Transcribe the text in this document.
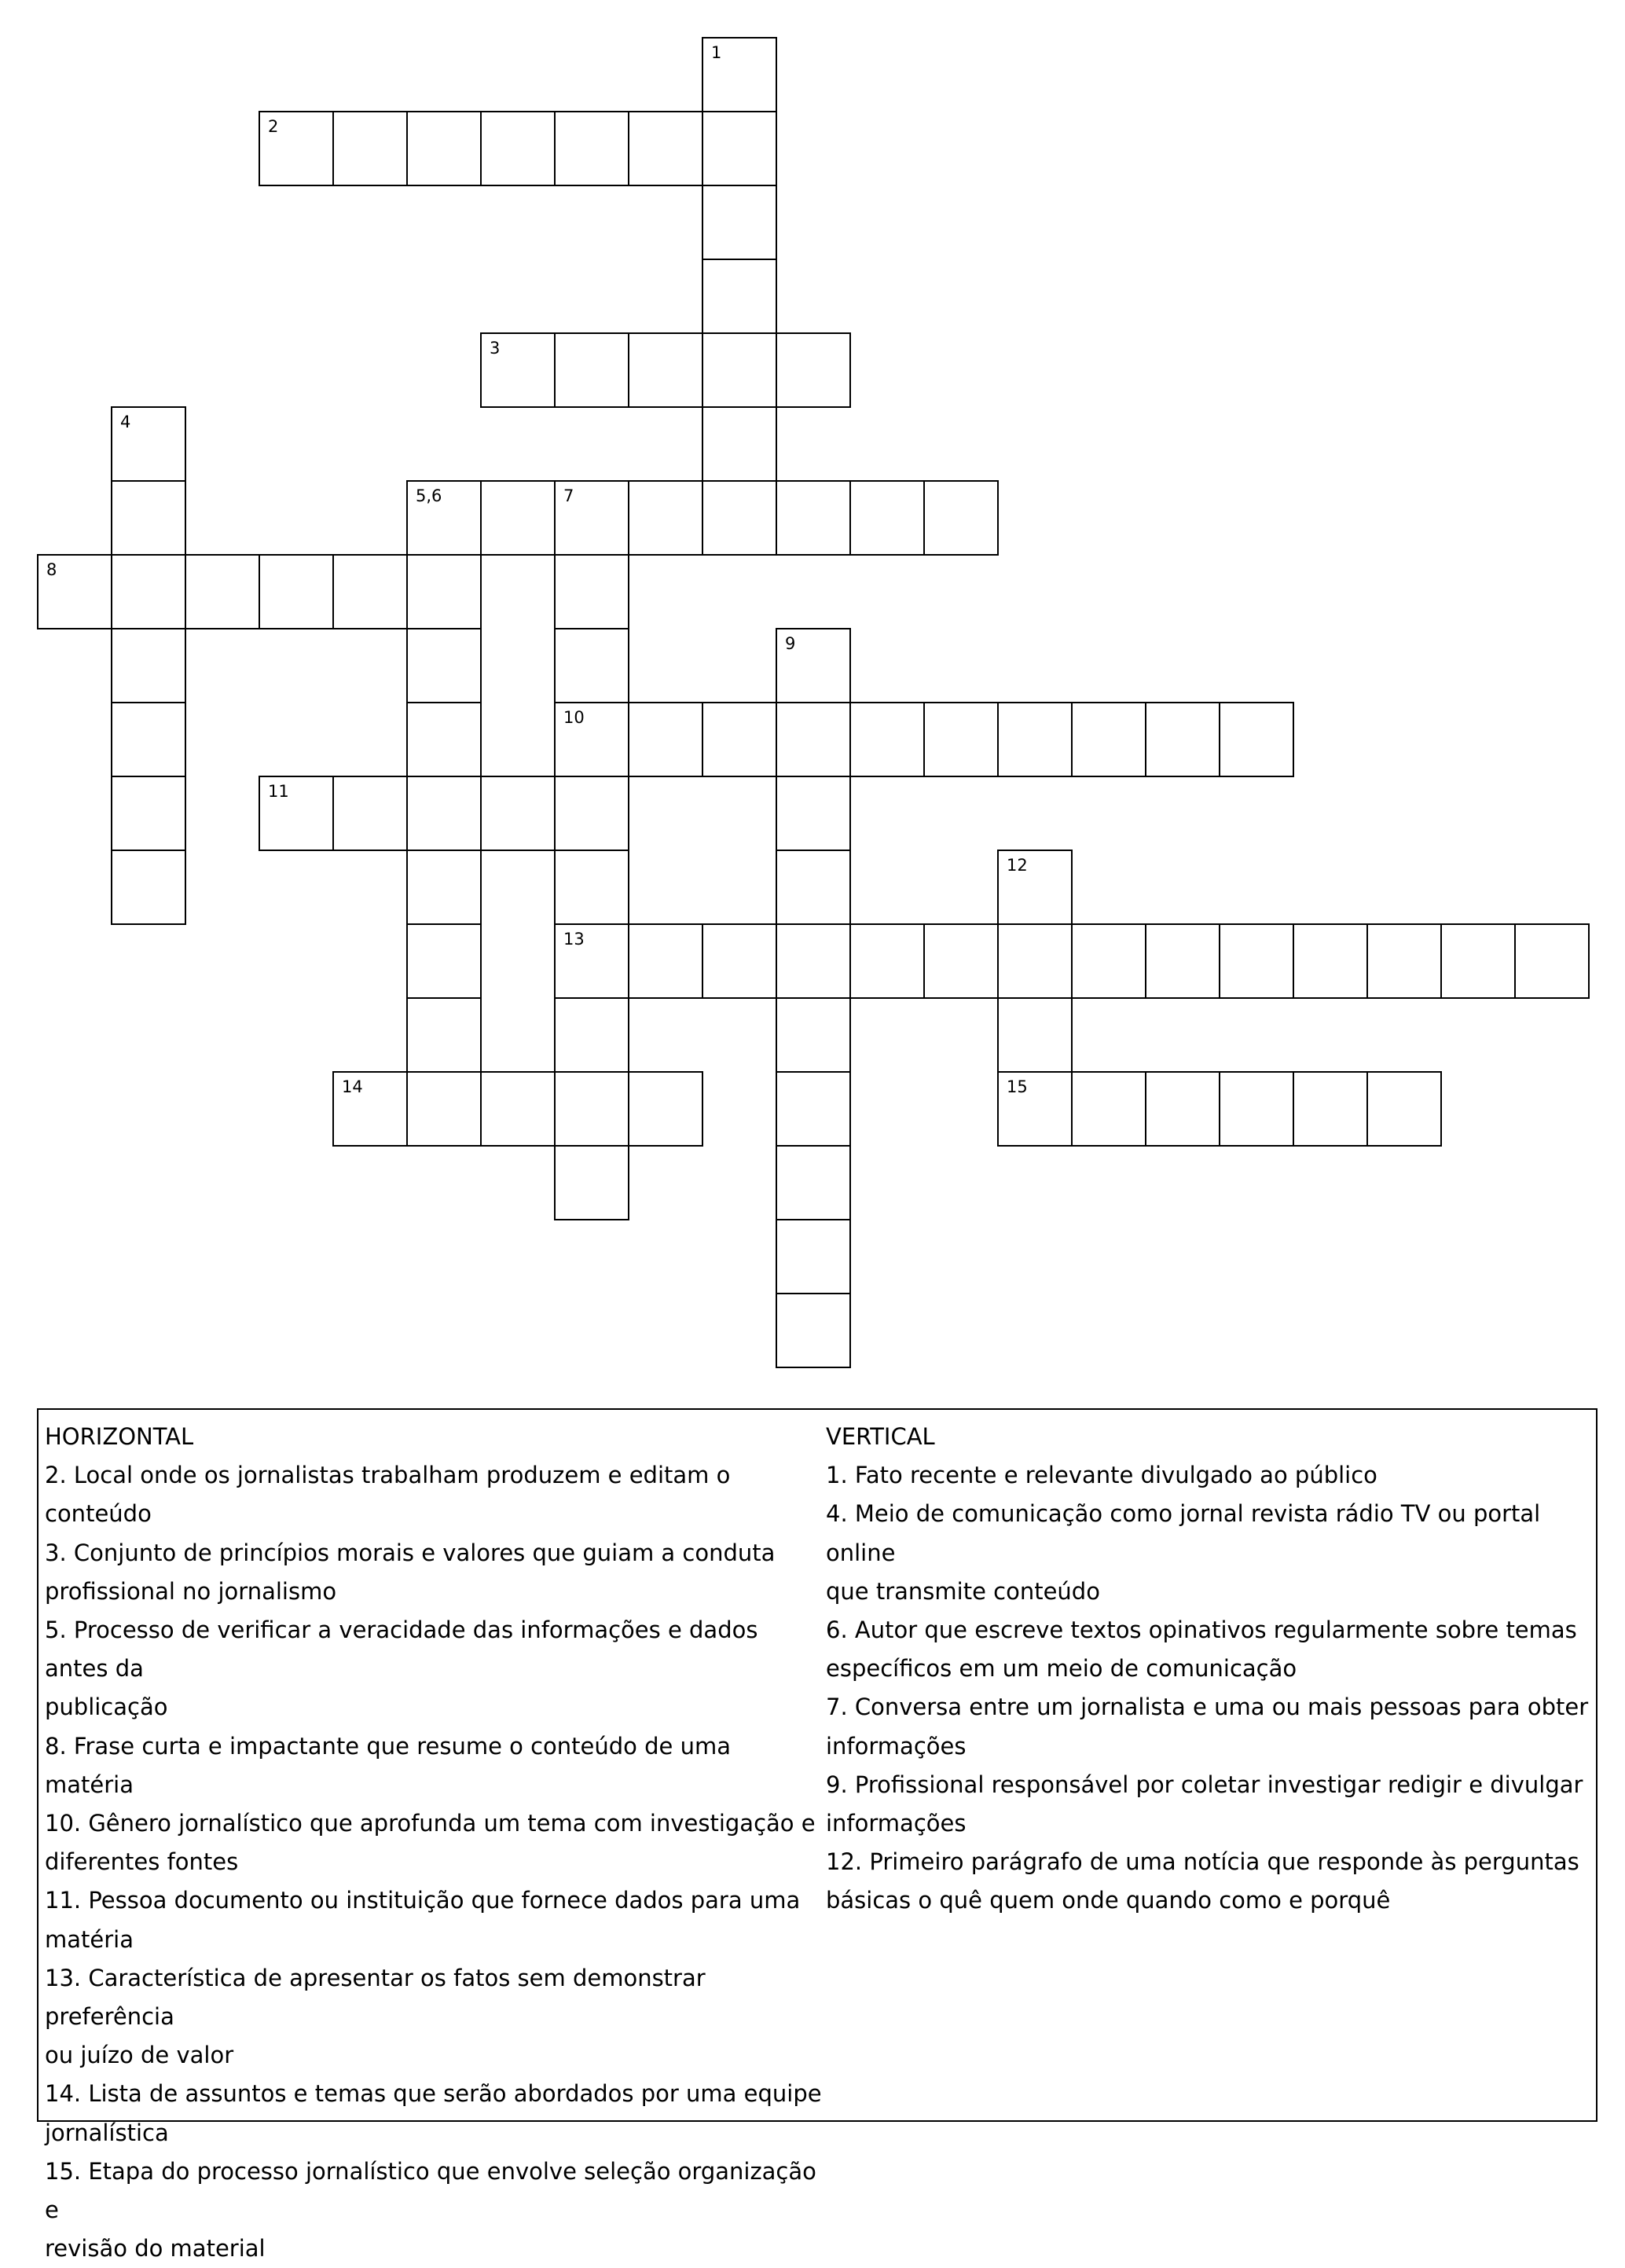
1
2
3
4
5,6	7
8
9
10
11
12
13
14	15
HORIZONTAL
2. Local onde os jornalistas trabalham produzem e editam o conteúdo
3. Conjunto de princípios morais e valores que guiam a conduta
profissional no jornalismo
5. Processo de verificar a veracidade das informações e dados antes da
publicação
8. Frase curta e impactante que resume o conteúdo de uma matéria
10. Gênero jornalístico que aprofunda um tema com investigação e
diferentes fontes
11. Pessoa documento ou instituição que fornece dados para uma
matéria
13. Característica de apresentar os fatos sem demonstrar preferência
ou juízo de valor
14. Lista de assuntos e temas que serão abordados por uma equipe
jornalística
15. Etapa do processo jornalístico que envolve seleção organização e
revisão do material
VERTICAL
1. Fato recente e relevante divulgado ao público
4. Meio de comunicação como jornal revista rádio TV ou portal online
que transmite conteúdo
6. Autor que escreve textos opinativos regularmente sobre temas
específicos em um meio de comunicação
7. Conversa entre um jornalista e uma ou mais pessoas para obter
informações
9. Profissional responsável por coletar investigar redigir e divulgar
informações
12. Primeiro parágrafo de uma notícia que responde às perguntas
básicas o quê quem onde quando como e porquê
